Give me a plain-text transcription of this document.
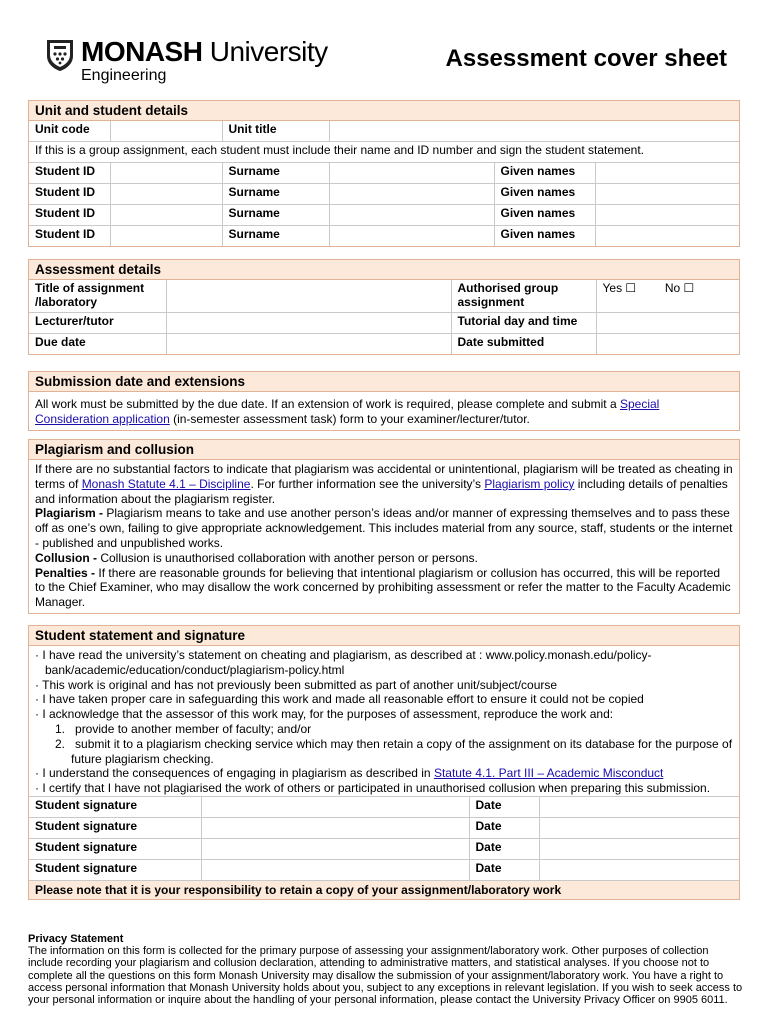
MONASH University
Engineering
Assessment cover sheet
Unit and student details
Unit code		Unit title			
If this is a group assignment, each student must include their name and ID number and sign the student statement.					
Student ID		Surname		Given names	
Student ID		Surname		Given names	
Student ID		Surname		Given names	
Student ID		Surname		Given names	
Assessment details
Title of assignment /laboratory		Authorised group assignment	Yes ☐ No ☐
Lecturer/tutor		Tutorial day and time	
Due date		Date submitted	
Submission date and extensions
All work must be submitted by the due date. If an extension of work is required, please complete and submit a Special Consideration application (in-semester assessment task) form to your examiner/lecturer/tutor.
Plagiarism and collusion
If there are no substantial factors to indicate that plagiarism was accidental or unintentional, plagiarism will be treated as cheating in terms of Monash Statute 4.1 – Discipline. For further information see the university’s Plagiarism policy including details of penalties and information about the plagiarism register.
Plagiarism - Plagiarism means to take and use another person’s ideas and/or manner of expressing themselves and to pass these off as one’s own, failing to give appropriate acknowledgement. This includes material from any source, staff, students or the internet - published and unpublished works.
Collusion - Collusion is unauthorised collaboration with another person or persons.
Penalties - If there are reasonable grounds for believing that intentional plagiarism or collusion has occurred, this will be reported to the Chief Examiner, who may disallow the work concerned by prohibiting assessment or refer the matter to the Faculty Academic Manager.
Student statement and signature
· I have read the university’s statement on cheating and plagiarism, as described at : www.policy.monash.edu/policy-bank/academic/education/conduct/plagiarism-policy.html
· This work is original and has not previously been submitted as part of another unit/subject/course
· I have taken proper care in safeguarding this work and made all reasonable effort to ensure it could not be copied
· I acknowledge that the assessor of this work may, for the purposes of assessment, reproduce the work and:
1.   provide to another member of faculty; and/or
2.   submit it to a plagiarism checking service which may then retain a copy of the assignment on its database for the purpose of future plagiarism checking.
· I understand the consequences of engaging in plagiarism as described in Statute 4.1. Part III – Academic Misconduct
· I certify that I have not plagiarised the work of others or participated in unauthorised collusion when preparing this submission.
Student signature		Date	
Student signature		Date	
Student signature		Date	
Student signature		Date	
Please note that it is your responsibility to retain a copy of your assignment/laboratory work
Privacy Statement
The information on this form is collected for the primary purpose of assessing your assignment/laboratory work. Other purposes of collection include recording your plagiarism and collusion declaration, attending to administrative matters, and statistical analyses. If you choose not to complete all the questions on this form Monash University may disallow the submission of your assignment/laboratory work. You have a right to access personal information that Monash University holds about you, subject to any exceptions in relevant legislation. If you wish to seek access to your personal information or inquire about the handling of your personal information, please contact the University Privacy Officer on 9905 6011.
